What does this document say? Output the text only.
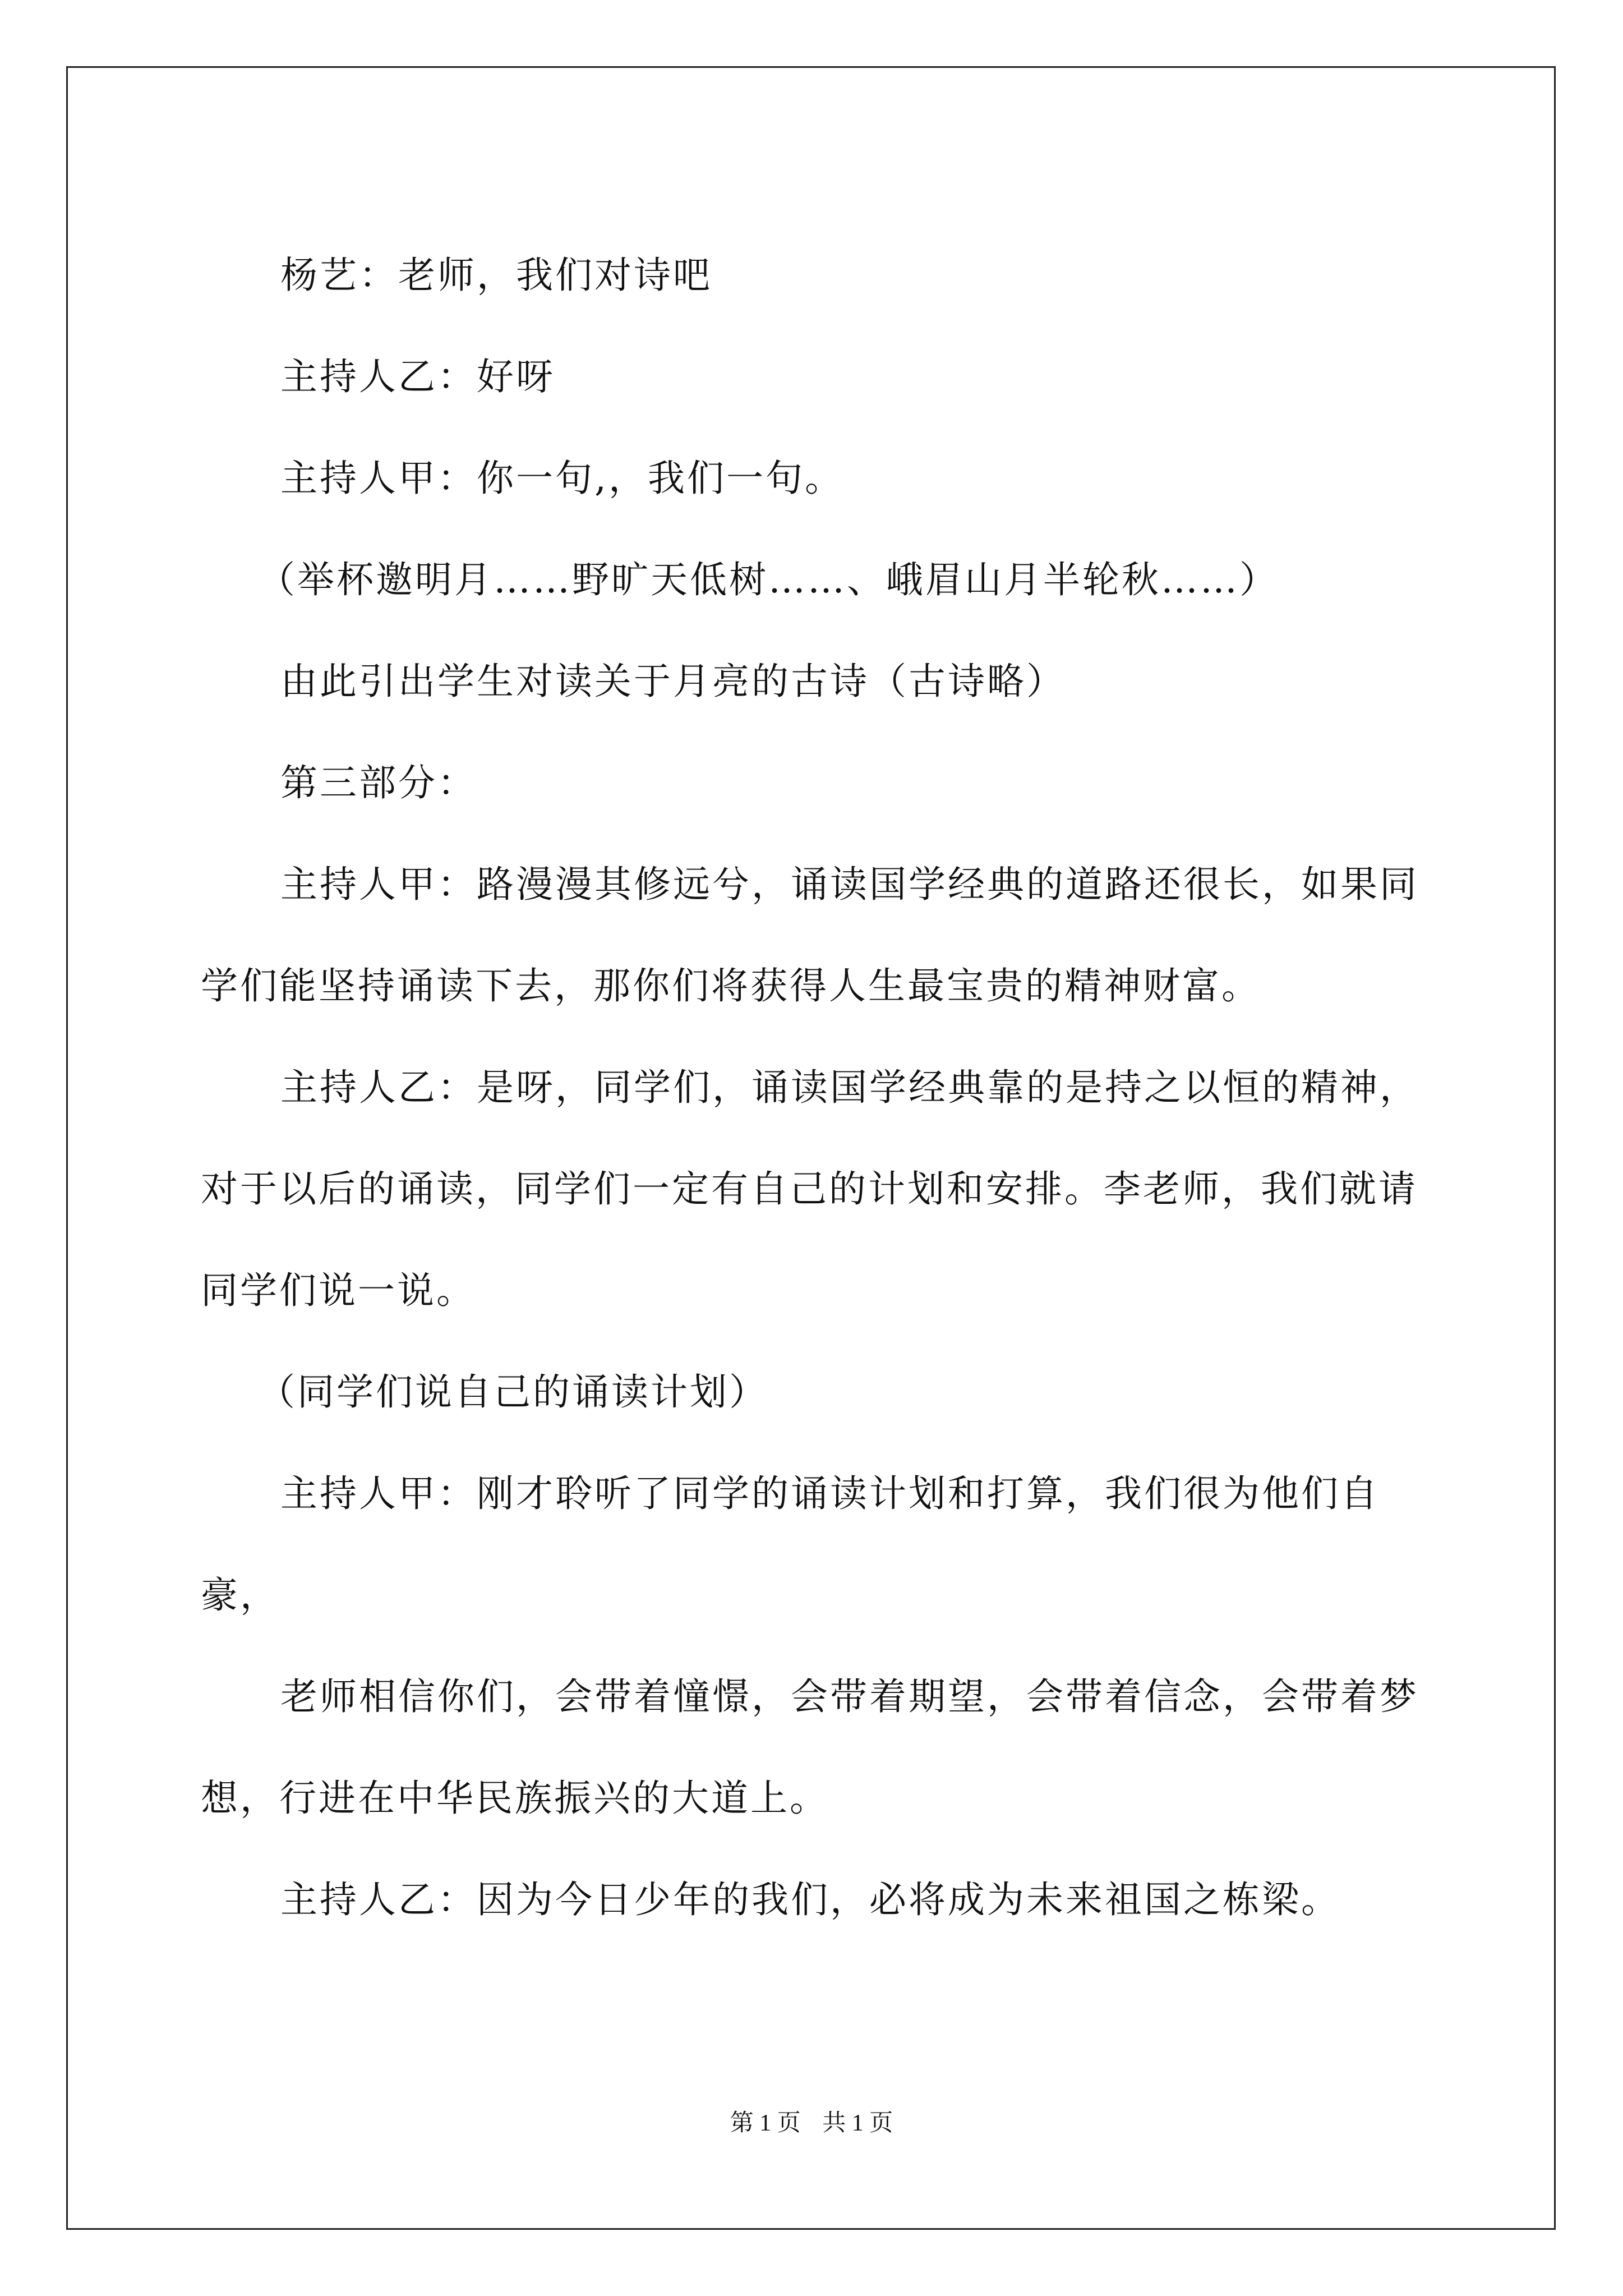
杨艺：老师，我们对诗吧

主持人乙：好呀

主持人甲：你一句,，我们一句。

（举杯邀明月……野旷天低树……、峨眉山月半轮秋……）

由此引出学生对读关于月亮的古诗（古诗略）

第三部分：

主持人甲：路漫漫其修远兮，诵读国学经典的道路还很长，如果同学们能坚持诵读下去，那你们将获得人生最宝贵的精神财富。

主持人乙：是呀，同学们，诵读国学经典靠的是持之以恒的精神，对于以后的诵读，同学们一定有自己的计划和安排。李老师，我们就请同学们说一说。

（同学们说自己的诵读计划）

主持人甲：刚才聆听了同学的诵读计划和打算，我们很为他们自豪，

老师相信你们，会带着憧憬，会带着期望，会带着信念，会带着梦想，行进在中华民族振兴的大道上。

主持人乙：因为今日少年的我们，必将成为未来祖国之栋梁。

第 1 页 共 1 页
